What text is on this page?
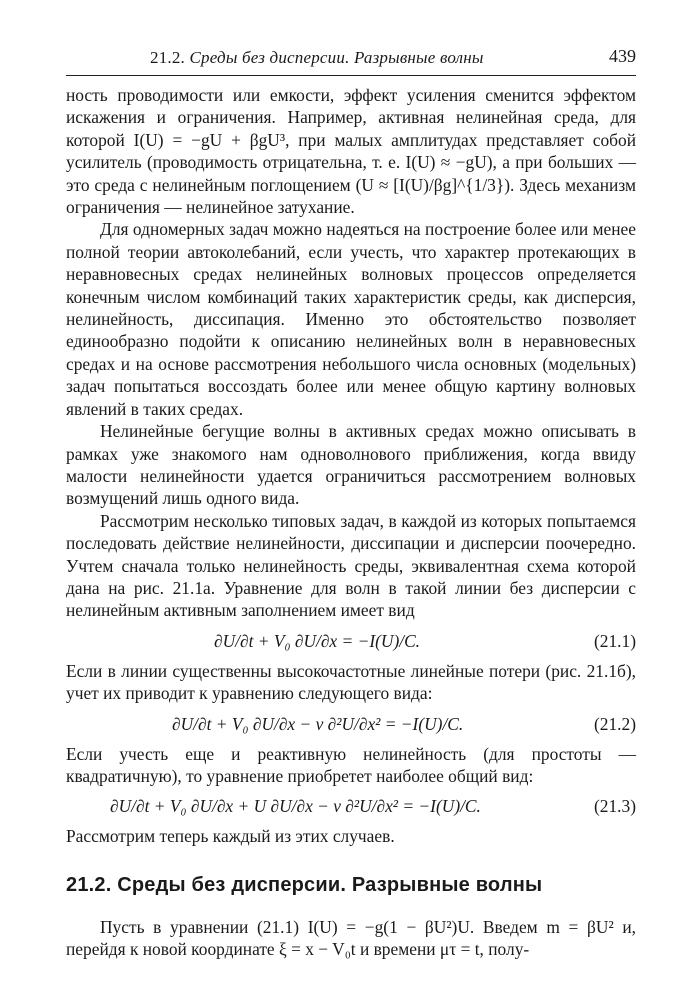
21.2. Среды без дисперсии. Разрывные волны	439

ность проводимости или емкости, эффект усиления сменится эффектом искажения и ограничения. Например, активная нелинейная среда, для которой I(U) = −gU + βgU³, при малых амплитудах представляет собой усилитель (проводимость отрицательна, т. е. I(U) ≈ −gU), а при больших — это среда с нелинейным поглощением (U ≈ [I(U)/βg]^{1/3}). Здесь механизм ограничения — нелинейное затухание.

Для одномерных задач можно надеяться на построение более или менее полной теории автоколебаний, если учесть, что характер протекающих в неравновесных средах нелинейных волновых процессов определяется конечным числом комбинаций таких характеристик среды, как дисперсия, нелинейность, диссипация. Именно это обстоятельство позволяет единообразно подойти к описанию нелинейных волн в неравновесных средах и на основе рассмотрения небольшого числа основных (модельных) задач попытаться воссоздать более или менее общую картину волновых явлений в таких средах.

Нелинейные бегущие волны в активных средах можно описывать в рамках уже знакомого нам одноволнового приближения, когда ввиду малости нелинейности удается ограничиться рассмотрением волновых возмущений лишь одного вида.

Рассмотрим несколько типовых задач, в каждой из которых попытаемся последовать действие нелинейности, диссипации и дисперсии поочередно. Учтем сначала только нелинейность среды, эквивалентная схема которой дана на рис. 21.1а. Уравнение для волн в такой линии без дисперсии с нелинейным активным заполнением имеет вид

∂U/∂t + V₀ ∂U/∂x = −I(U)/C.	(21.1)

Если в линии существенны высокочастотные линейные потери (рис. 21.1б), учет их приводит к уравнению следующего вида:

∂U/∂t + V₀ ∂U/∂x − ν ∂²U/∂x² = −I(U)/C.	(21.2)

Если учесть еще и реактивную нелинейность (для простоты — квадратичную), то уравнение приобретет наиболее общий вид:

∂U/∂t + V₀ ∂U/∂x + U ∂U/∂x − ν ∂²U/∂x² = −I(U)/C.	(21.3)

Рассмотрим теперь каждый из этих случаев.

21.2. Среды без дисперсии. Разрывные волны

Пусть в уравнении (21.1) I(U) = −g(1 − βU²)U. Введем m = βU² и, перейдя к новой координате ξ = x − V₀t и времени μτ = t, полу-
